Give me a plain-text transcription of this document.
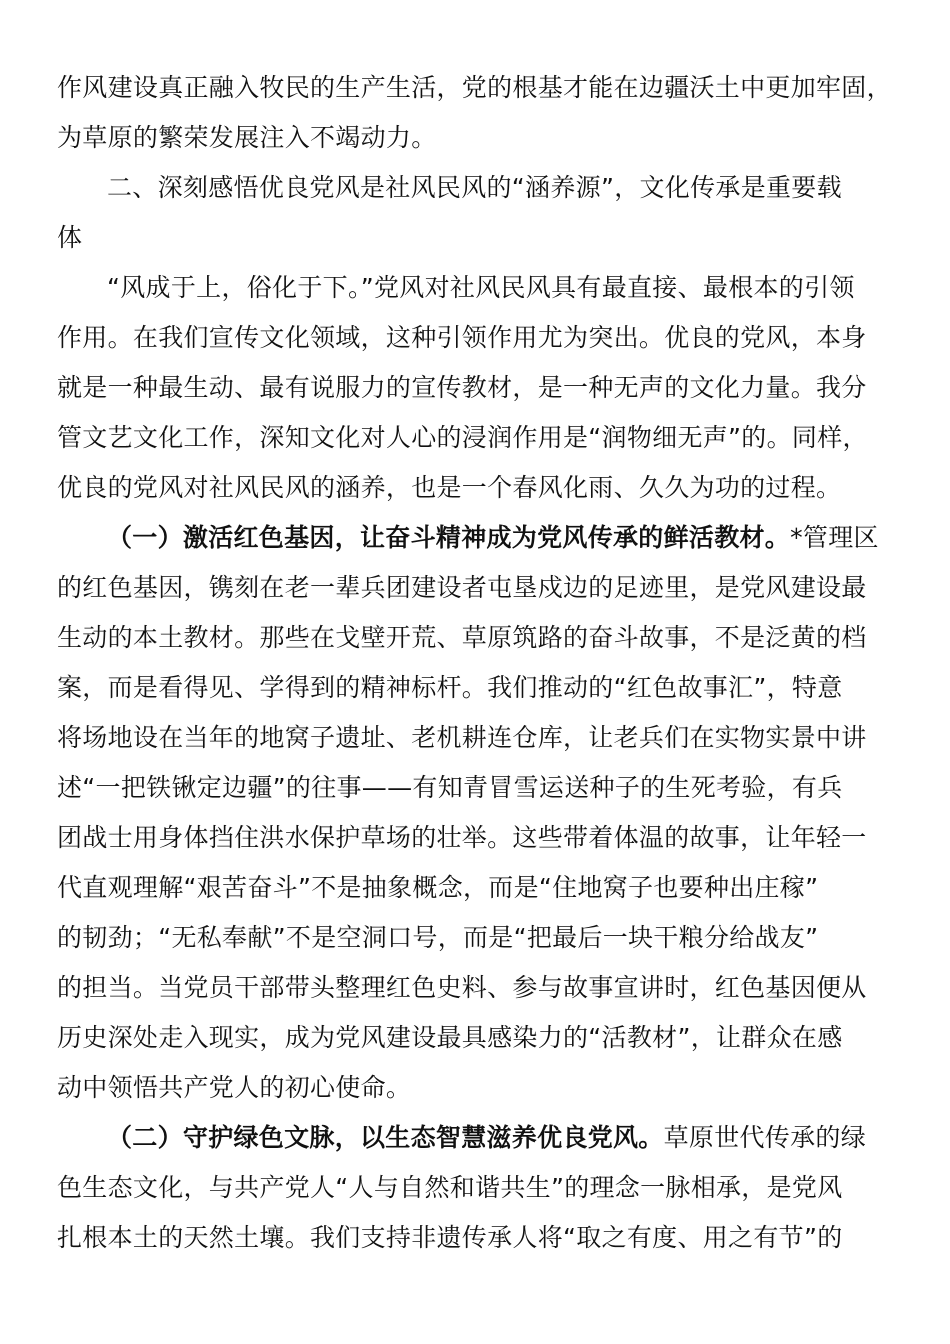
作风建设真正融入牧民的生产生活，党的根基才能在边疆沃土中更加牢固，
为草原的繁荣发展注入不竭动力。
二、深刻感悟优良党风是社风民风的“涵养源”，文化传承是重要载
体
“风成于上，俗化于下。”党风对社风民风具有最直接、最根本的引领
作用。在我们宣传文化领域，这种引领作用尤为突出。优良的党风，本身
就是一种最生动、最有说服力的宣传教材，是一种无声的文化力量。我分
管文艺文化工作，深知文化对人心的浸润作用是“润物细无声”的。同样，
优良的党风对社风民风的涵养，也是一个春风化雨、久久为功的过程。
（一）激活红色基因，让奋斗精神成为党风传承的鲜活教材。*管理区
的红色基因，镌刻在老一辈兵团建设者屯垦戍边的足迹里，是党风建设最
生动的本土教材。那些在戈壁开荒、草原筑路的奋斗故事，不是泛黄的档
案，而是看得见、学得到的精神标杆。我们推动的“红色故事汇”，特意
将场地设在当年的地窝子遗址、老机耕连仓库，让老兵们在实物实景中讲
述“一把铁锹定边疆”的往事——有知青冒雪运送种子的生死考验，有兵
团战士用身体挡住洪水保护草场的壮举。这些带着体温的故事，让年轻一
代直观理解“艰苦奋斗”不是抽象概念，而是“住地窝子也要种出庄稼”
的韧劲；“无私奉献”不是空洞口号，而是“把最后一块干粮分给战友”
的担当。当党员干部带头整理红色史料、参与故事宣讲时，红色基因便从
历史深处走入现实，成为党风建设最具感染力的“活教材”，让群众在感
动中领悟共产党人的初心使命。
（二）守护绿色文脉，以生态智慧滋养优良党风。草原世代传承的绿
色生态文化，与共产党人“人与自然和谐共生”的理念一脉相承，是党风
扎根本土的天然土壤。我们支持非遗传承人将“取之有度、用之有节”的
